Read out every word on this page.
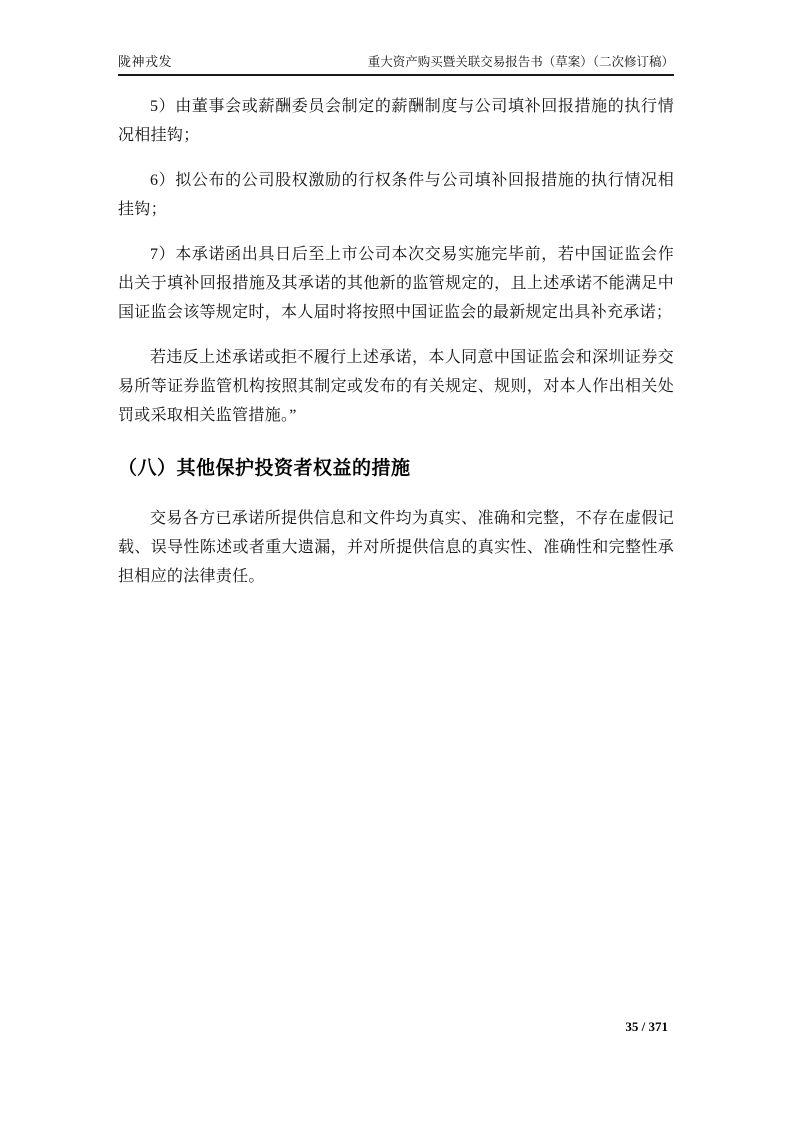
陇神戎发	重大资产购买暨关联交易报告书（草案）（二次修订稿）

5）由董事会或薪酬委员会制定的薪酬制度与公司填补回报措施的执行情况相挂钩；

6）拟公布的公司股权激励的行权条件与公司填补回报措施的执行情况相挂钩；

7）本承诺函出具日后至上市公司本次交易实施完毕前，若中国证监会作出关于填补回报措施及其承诺的其他新的监管规定的，且上述承诺不能满足中国证监会该等规定时，本人届时将按照中国证监会的最新规定出具补充承诺；

若违反上述承诺或拒不履行上述承诺，本人同意中国证监会和深圳证券交易所等证券监管机构按照其制定或发布的有关规定、规则，对本人作出相关处罚或采取相关监管措施。”

（八）其他保护投资者权益的措施

交易各方已承诺所提供信息和文件均为真实、准确和完整，不存在虚假记载、误导性陈述或者重大遗漏，并对所提供信息的真实性、准确性和完整性承担相应的法律责任。

35 / 371
